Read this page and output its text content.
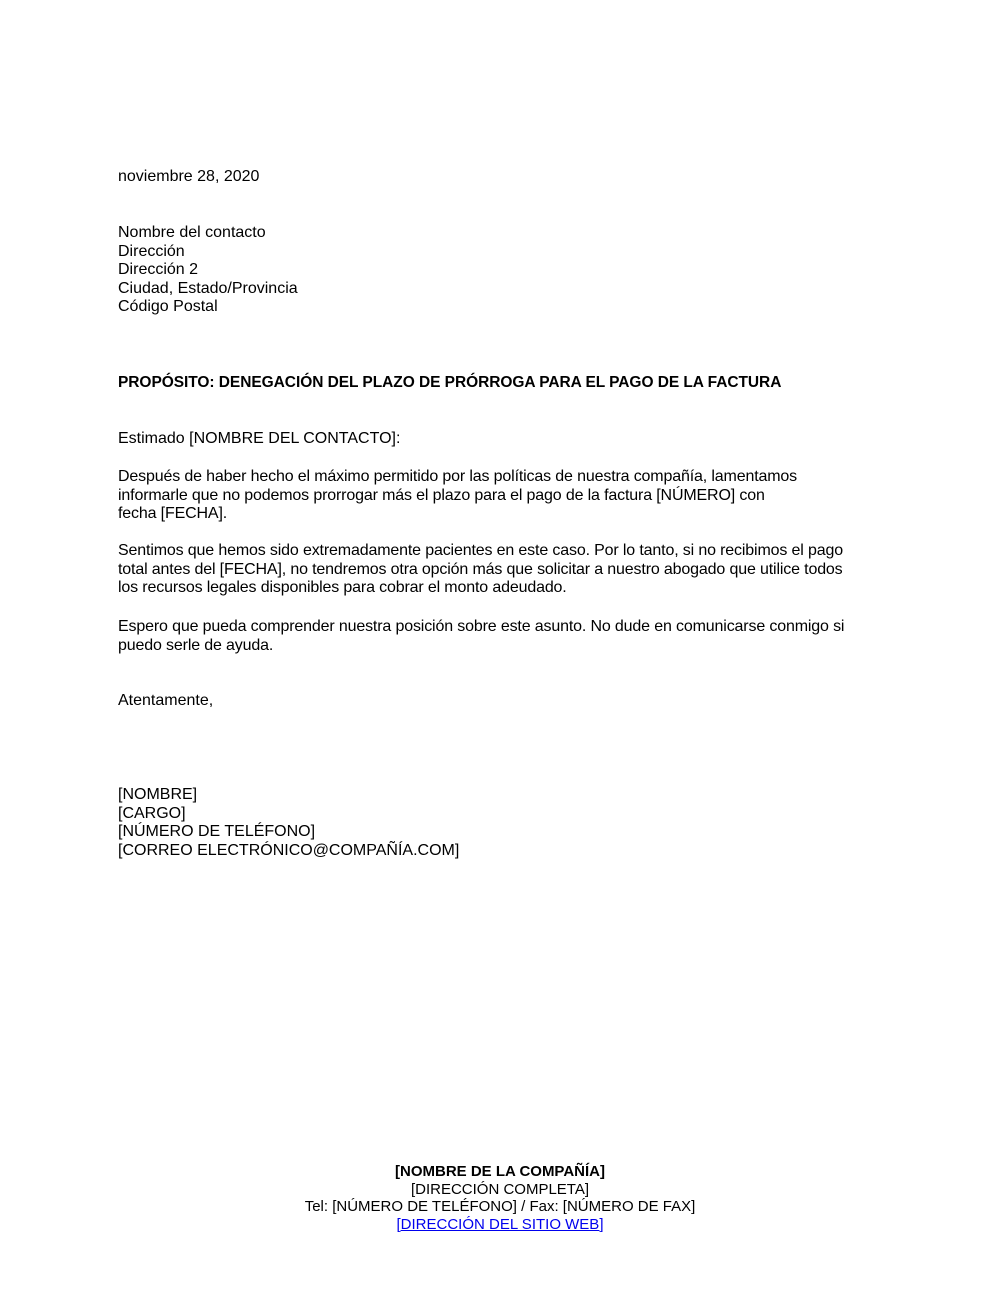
noviembre 28, 2020
Nombre del contacto
Dirección
Dirección 2
Ciudad, Estado/Provincia
Código Postal
PROPÓSITO: DENEGACIÓN DEL PLAZO DE PRÓRROGA PARA EL PAGO DE LA FACTURA
Estimado [NOMBRE DEL CONTACTO]:
Después de haber hecho el máximo permitido por las políticas de nuestra compañía, lamentamos
informarle que no podemos prorrogar más el plazo para el pago de la factura [NÚMERO] con
fecha [FECHA].
Sentimos que hemos sido extremadamente pacientes en este caso. Por lo tanto, si no recibimos el pago
total antes del [FECHA], no tendremos otra opción más que solicitar a nuestro abogado que utilice todos
los recursos legales disponibles para cobrar el monto adeudado.
Espero que pueda comprender nuestra posición sobre este asunto. No dude en comunicarse conmigo si
puedo serle de ayuda.
Atentamente,
[NOMBRE]
[CARGO]
[NÚMERO DE TELÉFONO]
[CORREO ELECTRÓNICO@COMPAÑÍA.COM]
[NOMBRE DE LA COMPAÑÍA]
[DIRECCIÓN COMPLETA]
Tel: [NÚMERO DE TELÉFONO] / Fax: [NÚMERO DE FAX]
[DIRECCIÓN DEL SITIO WEB]
